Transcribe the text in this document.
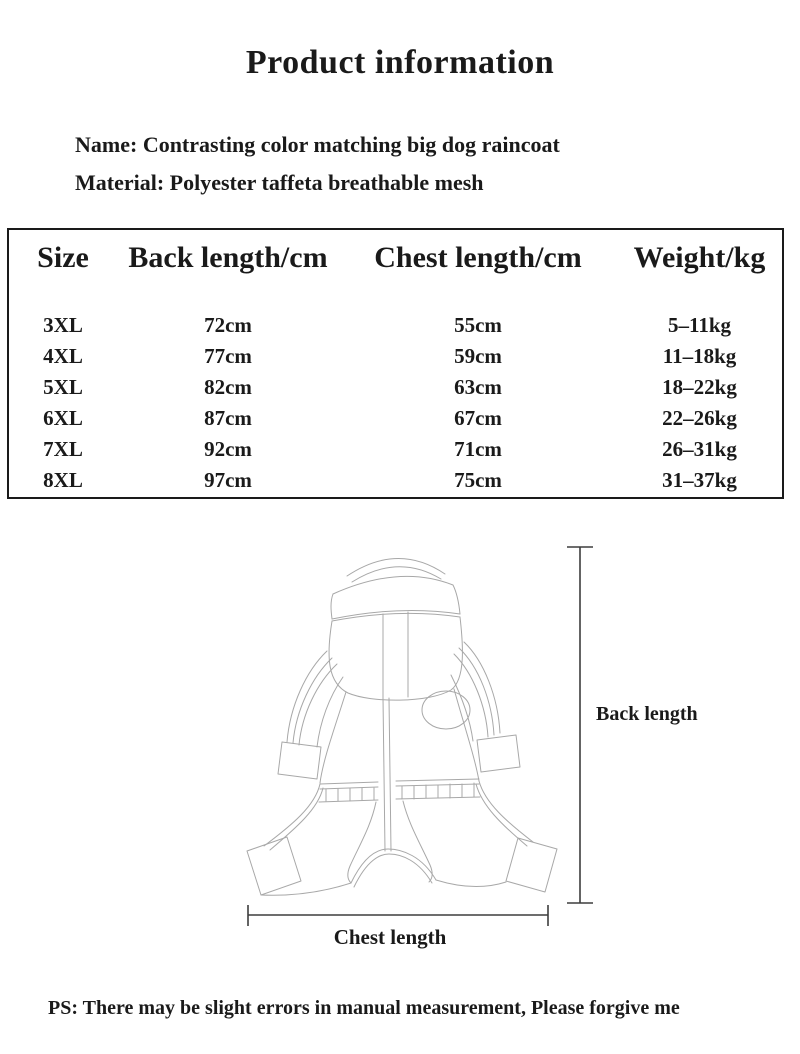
Product information
Name: Contrasting color matching big dog raincoat
Material: Polyester taffeta breathable mesh
Size	Back length/cm	Chest length/cm	Weight/kg
3XL	72cm	55cm	5–11kg
4XL	77cm	59cm	11–18kg
5XL	82cm	63cm	18–22kg
6XL	87cm	67cm	22–26kg
7XL	92cm	71cm	26–31kg
8XL	97cm	75cm	31–37kg
Back length
Chest length
PS: There may be slight errors in manual measurement, Please forgive me
